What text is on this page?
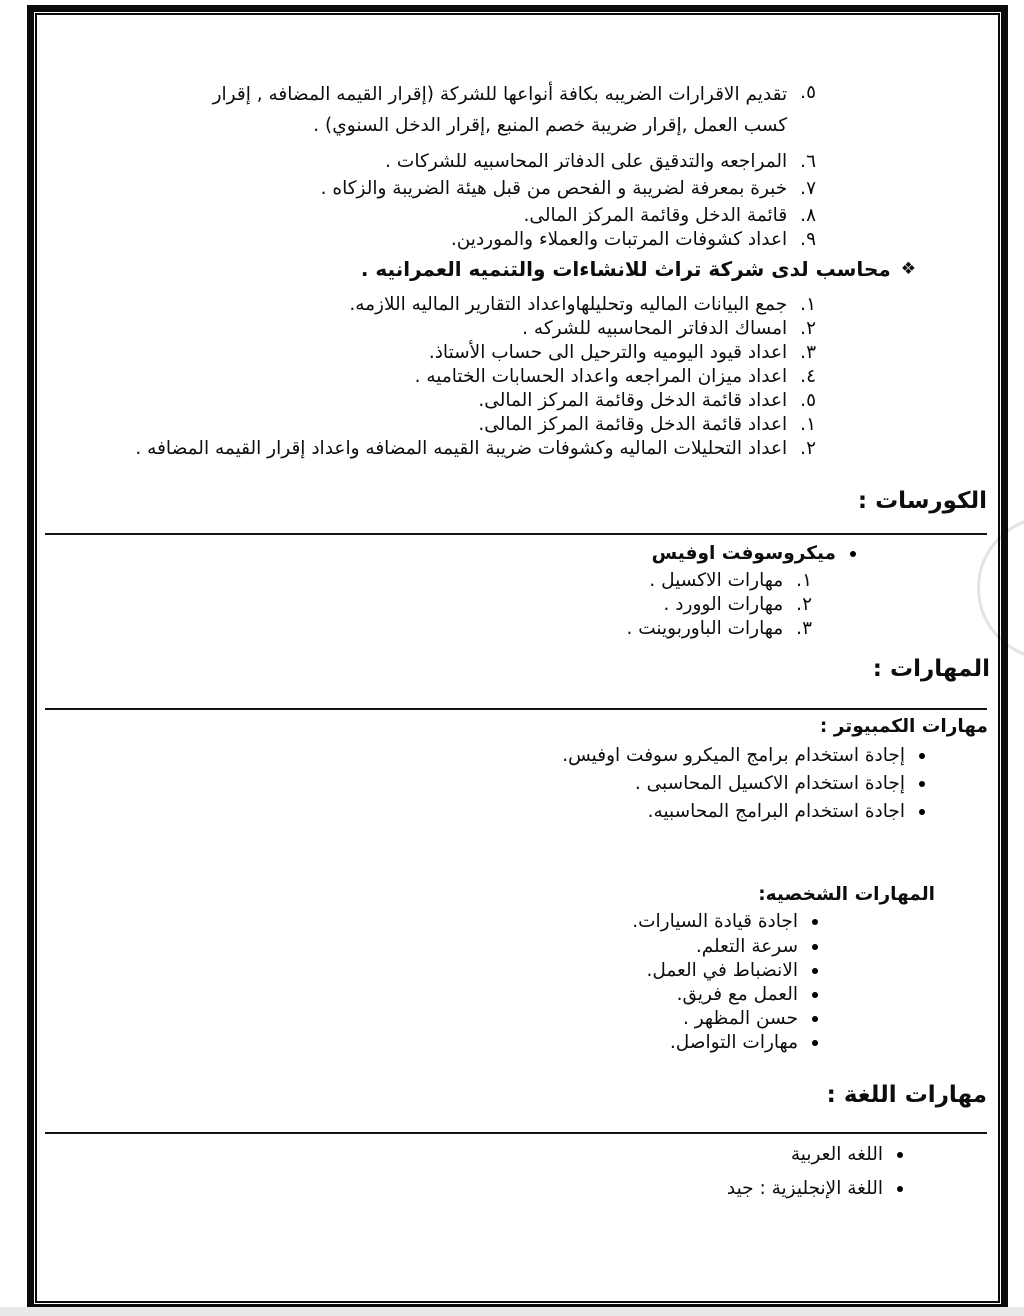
٥.
تقديم الاقرارات الضريبه بكافة أنواعها للشركة (إقرار القيمه المضافه , إقرار كسب العمل ,إقرار ضريبة خصم المنبع ,إقرار الدخل السنوي) .
٦.
المراجعه والتدقيق على الدفاتر المحاسبيه للشركات .
٧.
خبرة بمعرفة لضريبة و الفحص من قبل هيئة الضريبة والزكاه .
٨.
قائمة الدخل وقائمة المركز المالى.
٩.
اعداد كشوفات المرتبات والعملاء والموردين.
❖
محاسب لدى شركة تراث للانشاءات والتنميه العمرانيه .
١.
جمع البيانات الماليه وتحليلهاواعداد التقارير الماليه اللازمه.
٢.
امساك الدفاتر المحاسبيه للشركه .
٣.
اعداد قيود اليوميه والترحيل الى حساب الأستاذ.
٤.
اعداد ميزان المراجعه واعداد الحسابات الختاميه .
٥.
اعداد قائمة الدخل وقائمة المركز المالى.
١.
اعداد قائمة الدخل وقائمة المركز المالى.
٢.
اعداد التحليلات الماليه وكشوفات ضريبة القيمه المضافه واعداد إقرار القيمه المضافه .
الكورسات :
ميكروسوفت اوفيس
١.
مهارات الاكسيل .
٢.
مهارات الوورد .
٣.
مهارات الباوربوينت .
المهارات :
مهارات الكمبيوتر :
إجادة استخدام برامج الميكرو سوفت اوفيس.
إجادة استخدام الاكسيل المحاسبى .
اجادة استخدام البرامج المحاسبيه.
المهارات الشخصيه:
اجادة قيادة السيارات.
سرعة التعلم.
الانضباط في العمل.
العمل مع فريق.
حسن المظهر .
مهارات التواصل.
مهارات اللغة :
اللغه العربية
اللغة الإنجليزية : جيد
